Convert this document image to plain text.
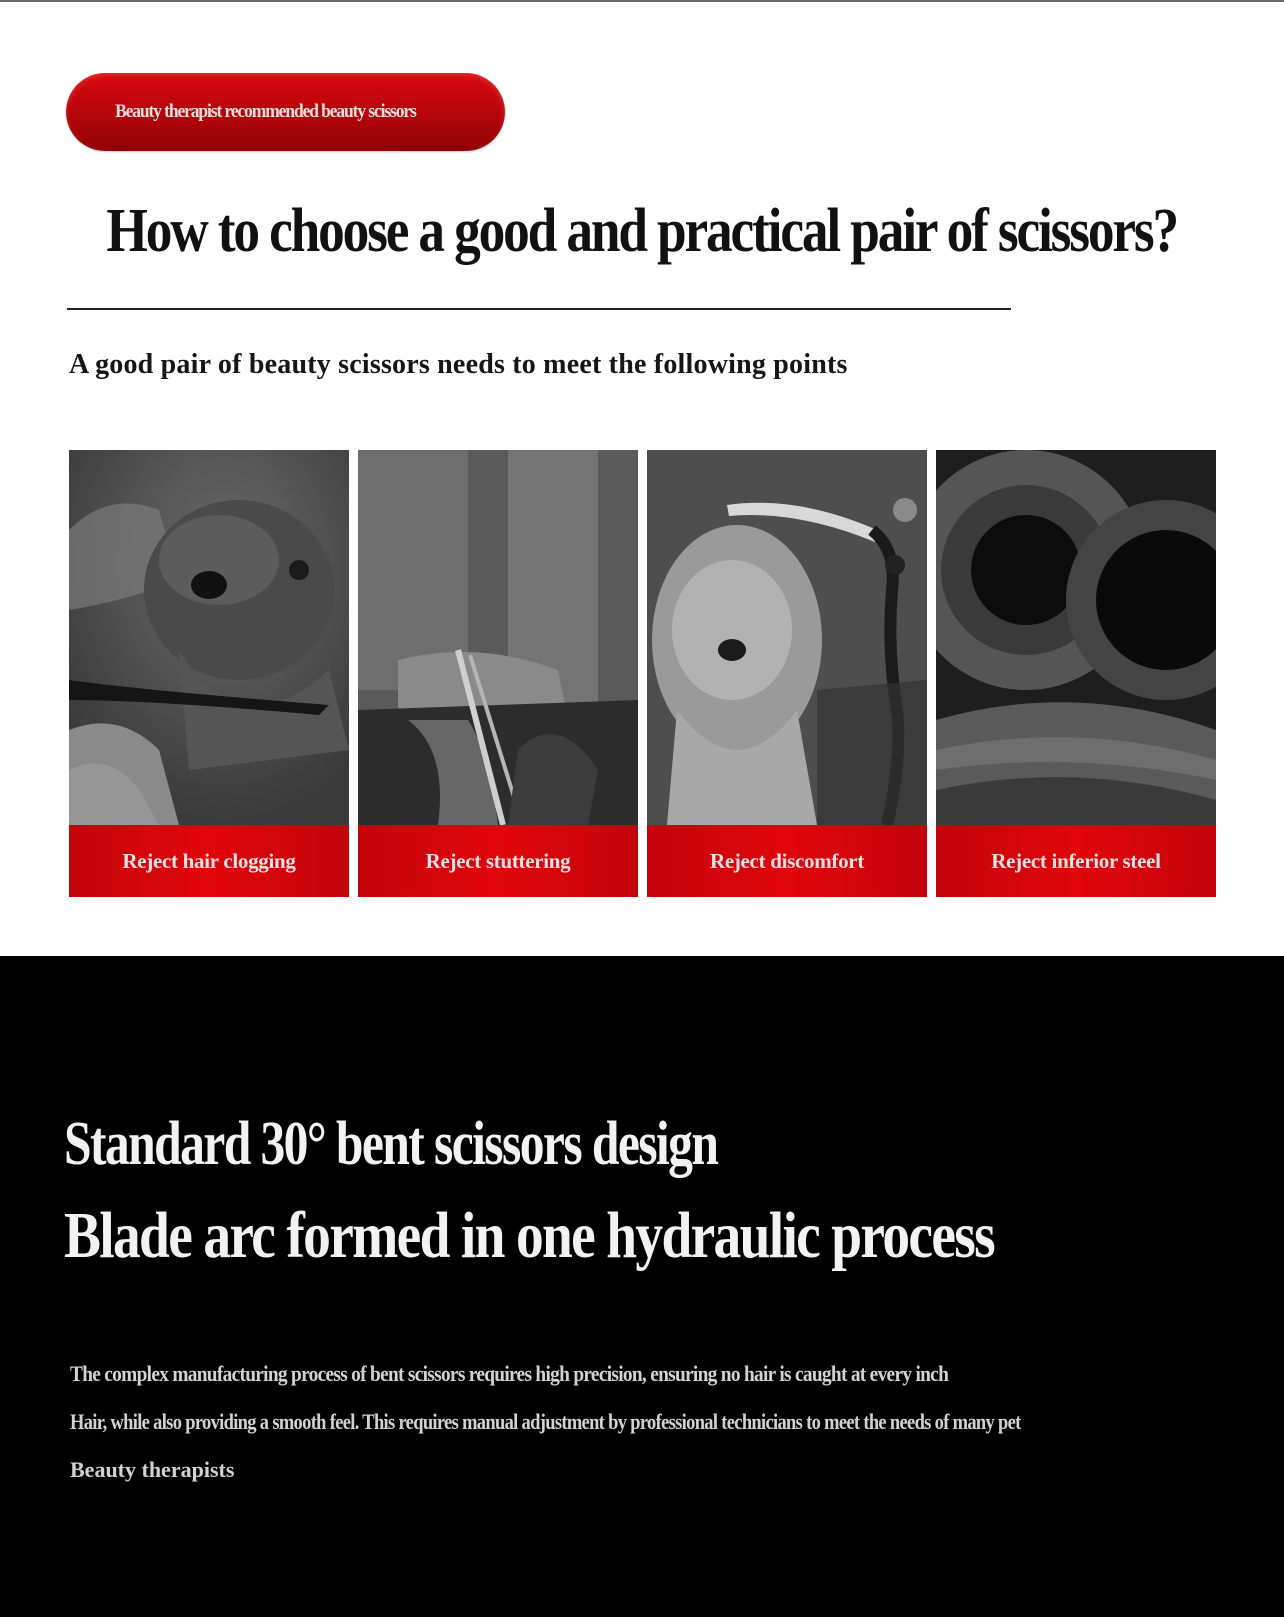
Beauty therapist recommended beauty scissors
How to choose a good and practical pair of scissors?
A good pair of beauty scissors needs to meet the following points
Reject hair clogging	Reject stuttering	Reject discomfort	Reject inferior steel
Standard 30° bent scissors design
Blade arc formed in one hydraulic process

The complex manufacturing process of bent scissors requires high precision, ensuring no hair is caught at every inch

Hair, while also providing a smooth feel. This requires manual adjustment by professional technicians to meet the needs of many pet

Beauty therapists
